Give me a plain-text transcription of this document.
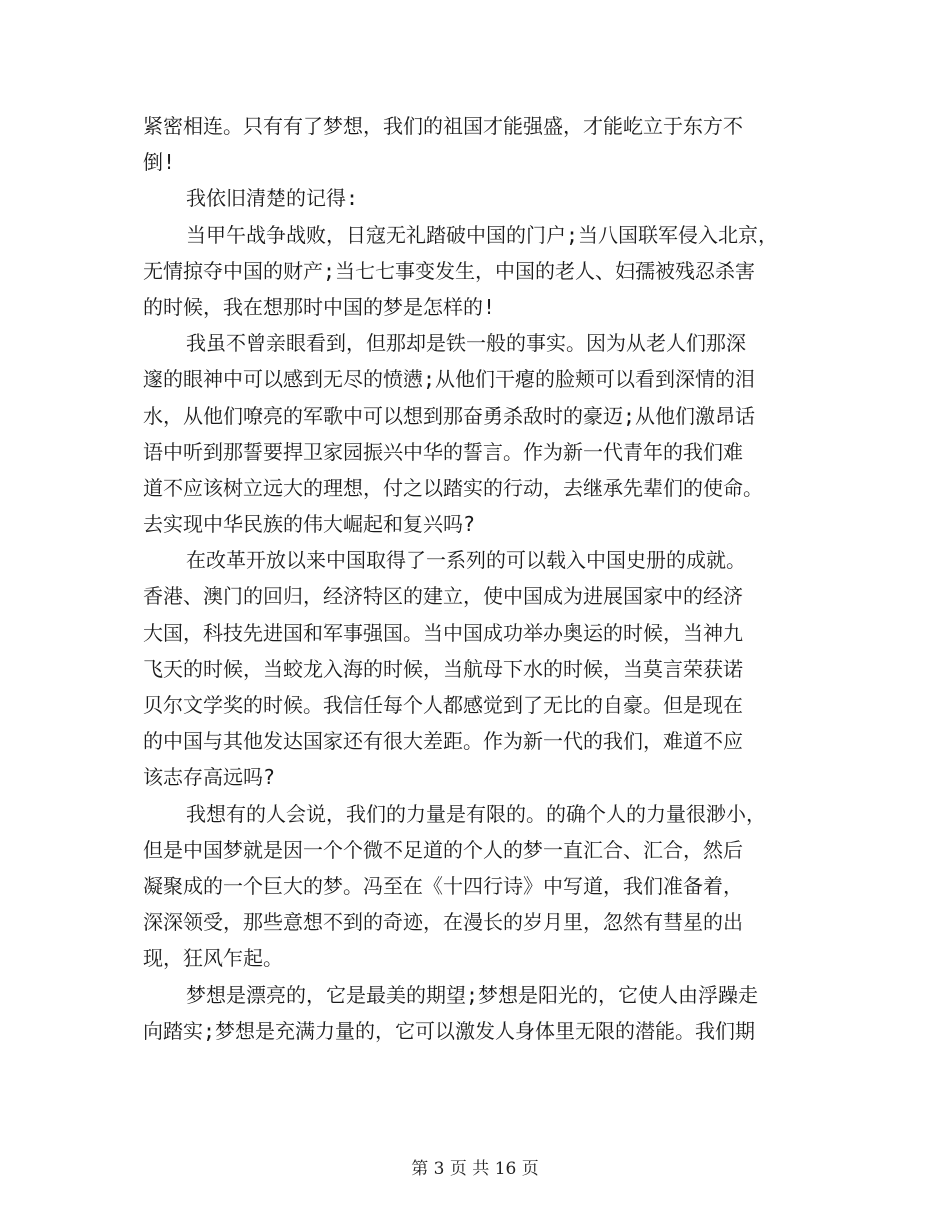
紧密相连。只有有了梦想，我们的祖国才能强盛，才能屹立于东方不
倒!
我依旧清楚的记得:
当甲午战争战败，日寇无礼踏破中国的门户;当八国联军侵入北京，
无情掠夺中国的财产;当七七事变发生，中国的老人、妇孺被残忍杀害
的时候，我在想那时中国的梦是怎样的!
我虽不曾亲眼看到，但那却是铁一般的事实。因为从老人们那深
邃的眼神中可以感到无尽的愤懑;从他们干瘪的脸颊可以看到深情的泪
水，从他们嘹亮的军歌中可以想到那奋勇杀敌时的豪迈;从他们激昂话
语中听到那誓要捍卫家园振兴中华的誓言。作为新一代青年的我们难
道不应该树立远大的理想，付之以踏实的行动，去继承先辈们的使命。
去实现中华民族的伟大崛起和复兴吗?
在改革开放以来中国取得了一系列的可以载入中国史册的成就。
香港、澳门的回归，经济特区的建立，使中国成为进展国家中的经济
大国，科技先进国和军事强国。当中国成功举办奥运的时候，当神九
飞天的时候，当蛟龙入海的时候，当航母下水的时候，当莫言荣获诺
贝尔文学奖的时候。我信任每个人都感觉到了无比的自豪。但是现在
的中国与其他发达国家还有很大差距。作为新一代的我们，难道不应
该志存高远吗?
我想有的人会说，我们的力量是有限的。的确个人的力量很渺小，
但是中国梦就是因一个个微不足道的个人的梦一直汇合、汇合，然后
凝聚成的一个巨大的梦。冯至在《十四行诗》中写道，我们准备着，
深深领受，那些意想不到的奇迹，在漫长的岁月里，忽然有彗星的出
现，狂风乍起。
梦想是漂亮的，它是最美的期望;梦想是阳光的，它使人由浮躁走
向踏实;梦想是充满力量的，它可以激发人身体里无限的潜能。我们期
第 3 页 共 16 页
